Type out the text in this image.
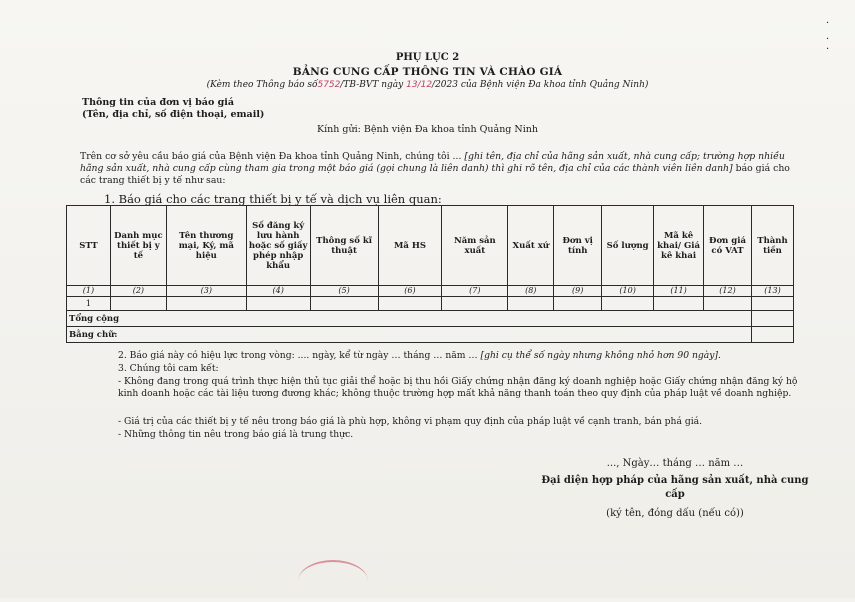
·
·
·
PHỤ LỤC 2
BẢNG CUNG CẤP THÔNG TIN VÀ CHÀO GIÁ
(Kèm theo Thông báo số5752/TB-BVT ngày 13/12/2023 của Bệnh viện Đa khoa tỉnh Quảng Ninh)
Thông tin của đơn vị báo giá
(Tên, địa chỉ, số điện thoại, email)
Kính gửi: Bệnh viện Đa khoa tỉnh Quảng Ninh
Trên cơ sở yêu cầu báo giá của Bệnh viện Đa khoa tỉnh Quảng Ninh, chúng tôi ... [ghi tên, địa chỉ của hãng sản xuất, nhà cung cấp; trường hợp nhiều hãng sản xuất, nhà cung cấp cùng tham gia trong một báo giá (gọi chung là liên danh) thì ghi rõ tên, địa chỉ của các thành viên liên danh] báo giá cho các trang thiết bị y tế như sau:
1. Báo giá cho các trang thiết bị y tế và dịch vụ liên quan:
STT	Danh mục thiết bị y tế	Tên thương mại, Ký, mã hiệu	Số đăng ký lưu hành hoặc số giấy phép nhập khẩu	Thông số kĩ thuật	Mã HS	Năm sản xuất	Xuất xứ	Đơn vị tính	Số lượng	Mã kê khai/ Giá kê khai	Đơn giá có VAT	Thành tiền
(1)	(2)	(3)	(4)	(5)	(6)	(7)	(8)	(9)	(10)	(11)	(12)	(13)
1												
Tổng cộng												
Bằng chữ:												
2. Báo giá này có hiệu lực trong vòng: .... ngày, kể từ ngày … tháng … năm … [ghi cụ thể số ngày nhưng không nhỏ hơn 90 ngày].
3. Chúng tôi cam kết:
- Không đang trong quá trình thực hiện thủ tục giải thể hoặc bị thu hồi Giấy chứng nhận đăng ký doanh nghiệp hoặc Giấy chứng nhận đăng ký hộ kinh doanh hoặc các tài liệu tương đương khác; không thuộc trường hợp mất khả năng thanh toán theo quy định của pháp luật về doanh nghiệp.
- Giá trị của các thiết bị y tế nêu trong báo giá là phù hợp, không vi phạm quy định của pháp luật về cạnh tranh, bán phá giá.
- Những thông tin nêu trong báo giá là trung thực.
..., Ngày… tháng … năm …
Đại diện hợp pháp của hãng sản xuất, nhà cung cấp
(ký tên, đóng dấu (nếu có))
